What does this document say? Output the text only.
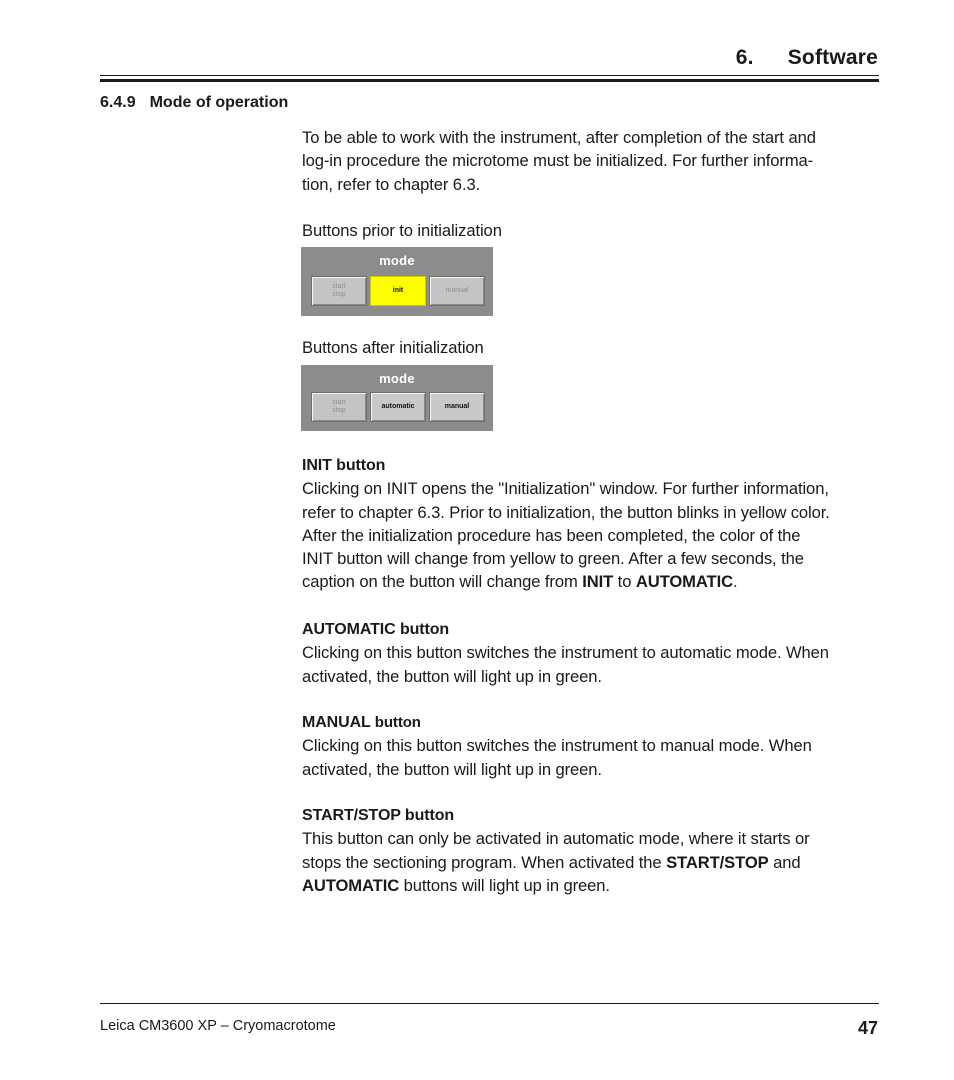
6. Software
6.4.9 Mode of operation
To be able to work with the instrument, after completion of the start and
log-in procedure the microtome must be initialized. For further informa-
tion, refer to chapter 6.3.
Buttons prior to initialization
mode
start
stop
init	manual
Buttons after initialization
mode
start
stop
automatic	manual
INIT button
Clicking on INIT opens the "Initialization" window. For further information,
refer to chapter 6.3. Prior to initialization, the button blinks in yellow color.
After the initialization procedure has been completed, the color of the
INIT button will change from yellow to green. After a few seconds, the
caption on the button will change from INIT to AUTOMATIC.
AUTOMATIC button
Clicking on this button switches the instrument to automatic mode. When
activated, the button will light up in green.
MANUAL button
Clicking on this button switches the instrument to manual mode. When
activated, the button will light up in green.
START/STOP button
This button can only be activated in automatic mode, where it starts or
stops the sectioning program. When activated the START/STOP and
AUTOMATIC buttons will light up in green.
Leica CM3600 XP – Cryomacrotome	47
